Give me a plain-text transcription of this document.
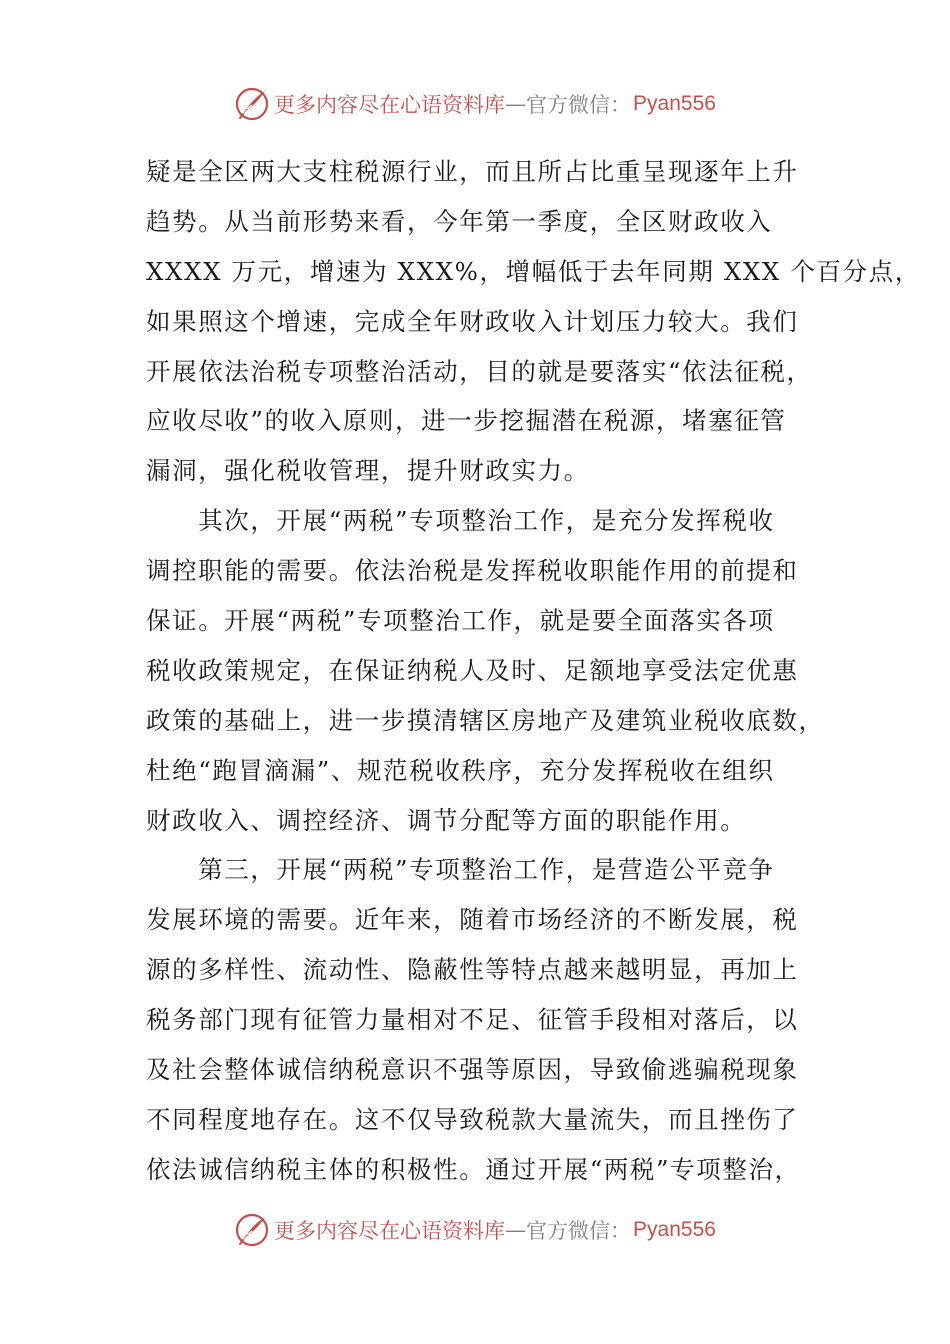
更多内容尽在心语资料库 — 官方微信： Pyan556
疑是全区两大支柱税源行业，而且所占比重呈现逐年上升
趋势。从当前形势来看，今年第一季度，全区财政收入
XXXX 万元，增速为 XXX%，增幅低于去年同期 XXX 个百分点，
如果照这个增速，完成全年财政收入计划压力较大。我们
开展依法治税专项整治活动，目的就是要落实“依法征税，
应收尽收”的收入原则，进一步挖掘潜在税源，堵塞征管
漏洞，强化税收管理，提升财政实力。
　　其次，开展“两税”专项整治工作，是充分发挥税收
调控职能的需要。依法治税是发挥税收职能作用的前提和
保证。开展“两税”专项整治工作，就是要全面落实各项
税收政策规定，在保证纳税人及时、足额地享受法定优惠
政策的基础上，进一步摸清辖区房地产及建筑业税收底数，
杜绝“跑冒滴漏”、规范税收秩序，充分发挥税收在组织
财政收入、调控经济、调节分配等方面的职能作用。
　　第三，开展“两税”专项整治工作，是营造公平竞争
发展环境的需要。近年来，随着市场经济的不断发展，税
源的多样性、流动性、隐蔽性等特点越来越明显，再加上
税务部门现有征管力量相对不足、征管手段相对落后，以
及社会整体诚信纳税意识不强等原因，导致偷逃骗税现象
不同程度地存在。这不仅导致税款大量流失，而且挫伤了
依法诚信纳税主体的积极性。通过开展“两税”专项整治，
更多内容尽在心语资料库 — 官方微信： Pyan556
